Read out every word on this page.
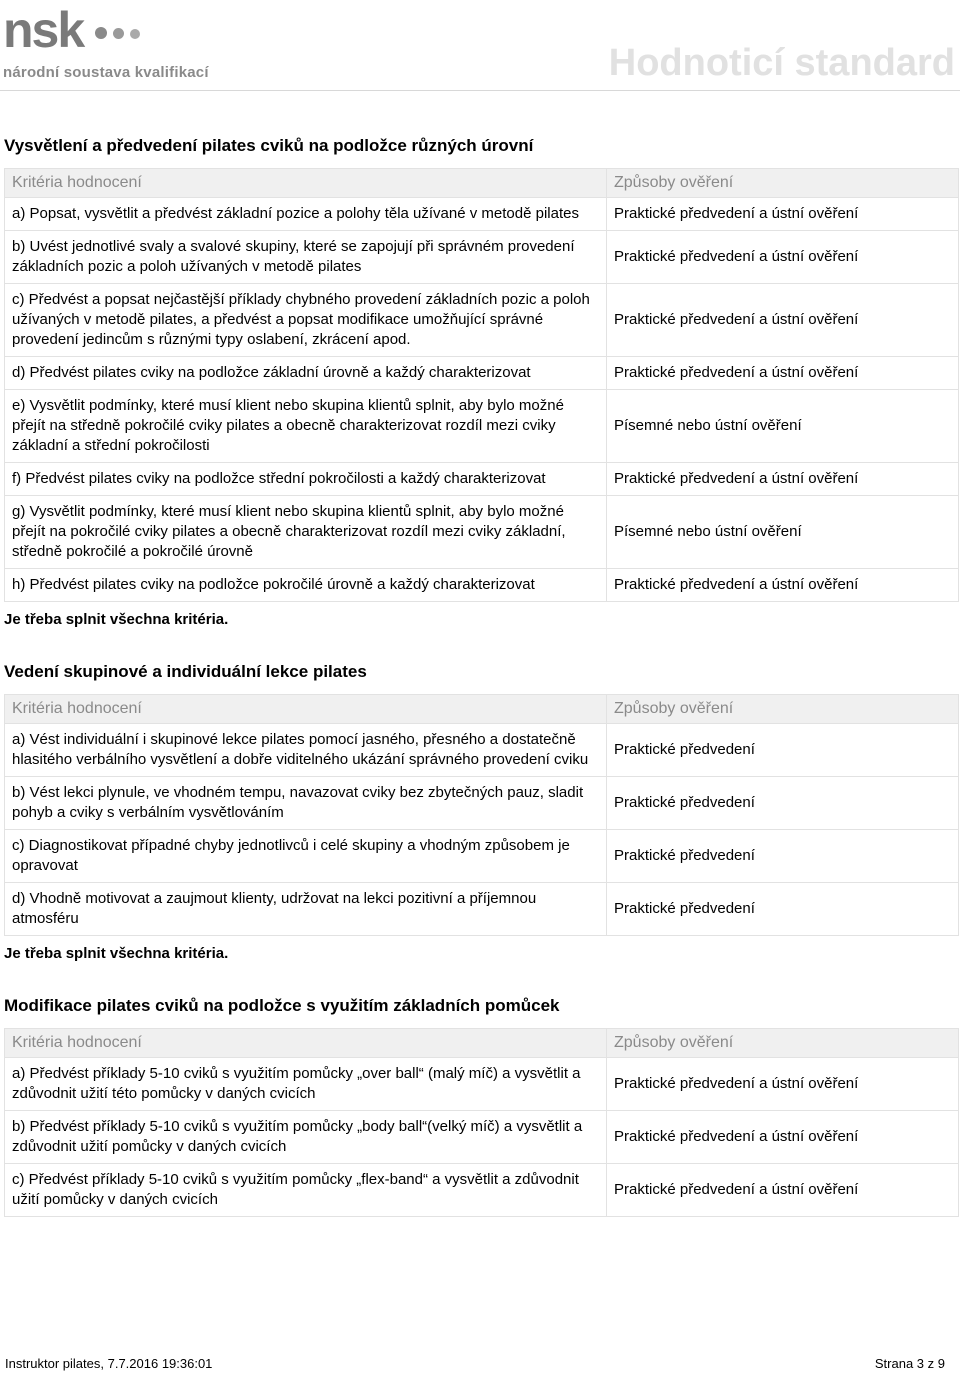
nsk
národní soustava kvalifikací	Hodnoticí standard
Vysvětlení a předvedení pilates cviků na podložce různých úrovní
Kritéria hodnocení	Způsoby ověření
a) Popsat, vysvětlit a předvést základní pozice a polohy těla užívané v metodě pilates	Praktické předvedení a ústní ověření
b) Uvést jednotlivé svaly a svalové skupiny, které se zapojují při správném provedení základních pozic a poloh užívaných v metodě pilates	Praktické předvedení a ústní ověření
c) Předvést a popsat nejčastější příklady chybného provedení základních pozic a poloh užívaných v metodě pilates, a předvést a popsat modifikace umožňující správné provedení jedincům s různými typy oslabení, zkrácení apod.	Praktické předvedení a ústní ověření
d) Předvést pilates cviky na podložce základní úrovně a každý charakterizovat	Praktické předvedení a ústní ověření
e) Vysvětlit podmínky, které musí klient nebo skupina klientů splnit, aby bylo možné přejít na středně pokročilé cviky pilates a obecně charakterizovat rozdíl mezi cviky základní a střední pokročilosti	Písemné nebo ústní ověření
f) Předvést pilates cviky na podložce střední pokročilosti a každý charakterizovat	Praktické předvedení a ústní ověření
g) Vysvětlit podmínky, které musí klient nebo skupina klientů splnit, aby bylo možné přejít na pokročilé cviky pilates a obecně charakterizovat rozdíl mezi cviky základní, středně pokročilé a pokročilé úrovně	Písemné nebo ústní ověření
h) Předvést pilates cviky na podložce pokročilé úrovně a každý charakterizovat	Praktické předvedení a ústní ověření

Je třeba splnit všechna kritéria.

Vedení skupinové a individuální lekce pilates
Kritéria hodnocení	Způsoby ověření
a) Vést individuální i skupinové lekce pilates pomocí jasného, přesného a dostatečně hlasitého verbálního vysvětlení a dobře viditelného ukázání správného provedení cviku	Praktické předvedení
b) Vést lekci plynule, ve vhodném tempu, navazovat cviky bez zbytečných pauz, sladit pohyb a cviky s verbálním vysvětlováním	Praktické předvedení
c) Diagnostikovat případné chyby jednotlivců i celé skupiny a vhodným způsobem je opravovat	Praktické předvedení
d) Vhodně motivovat a zaujmout klienty, udržovat na lekci pozitivní a příjemnou atmosféru	Praktické předvedení

Je třeba splnit všechna kritéria.

Modifikace pilates cviků na podložce s využitím základních pomůcek
Kritéria hodnocení	Způsoby ověření
a) Předvést příklady 5-10 cviků s využitím pomůcky „over ball“ (malý míč) a vysvětlit a zdůvodnit užití této pomůcky v daných cvicích	Praktické předvedení a ústní ověření
b) Předvést příklady 5-10 cviků s využitím pomůcky „body ball“(velký míč) a vysvětlit a zdůvodnit užití pomůcky v daných cvicích	Praktické předvedení a ústní ověření
c) Předvést příklady 5-10 cviků s využitím pomůcky „flex-band“ a vysvětlit a zdůvodnit užití pomůcky v daných cvicích	Praktické předvedení a ústní ověření
Instruktor pilates, 7.7.2016 19:36:01	Strana 3 z 9
